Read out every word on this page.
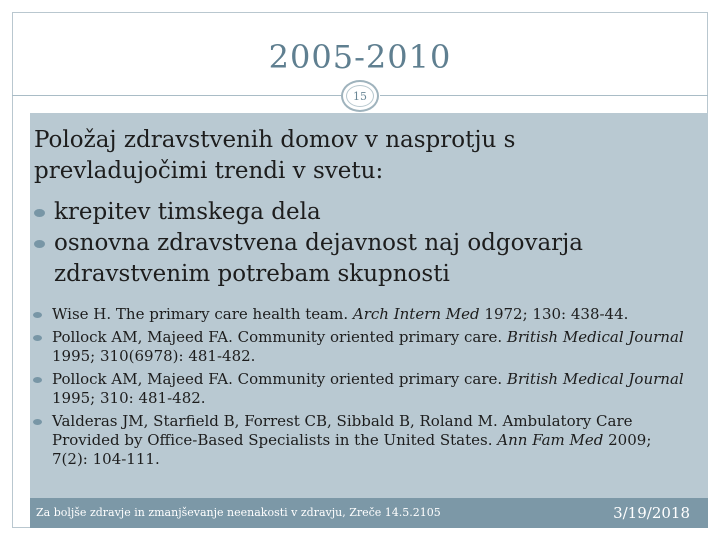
2005-2010
15
Položaj zdravstvenih domov v nasprotju s prevladujočimi trendi v svetu:
krepitev timskega dela
osnovna zdravstvena dejavnost naj odgovarja zdravstvenim potrebam skupnosti
Wise H. The primary care health team. Arch Intern Med 1972; 130: 438-44.
Pollock AM, Majeed FA. Community oriented primary care. British Medical Journal 1995; 310(6978): 481-482.
Pollock AM, Majeed FA. Community oriented primary care. British Medical Journal 1995; 310: 481-482.
Valderas JM, Starfield B, Forrest CB, Sibbald B, Roland M. Ambulatory Care Provided by Office-Based Specialists in the United States. Ann Fam Med 2009; 7(2): 104-111.
Za boljše zdravje in zmanjševanje neenakosti v zdravju, Zreče 14.5.2105	3/19/2018
